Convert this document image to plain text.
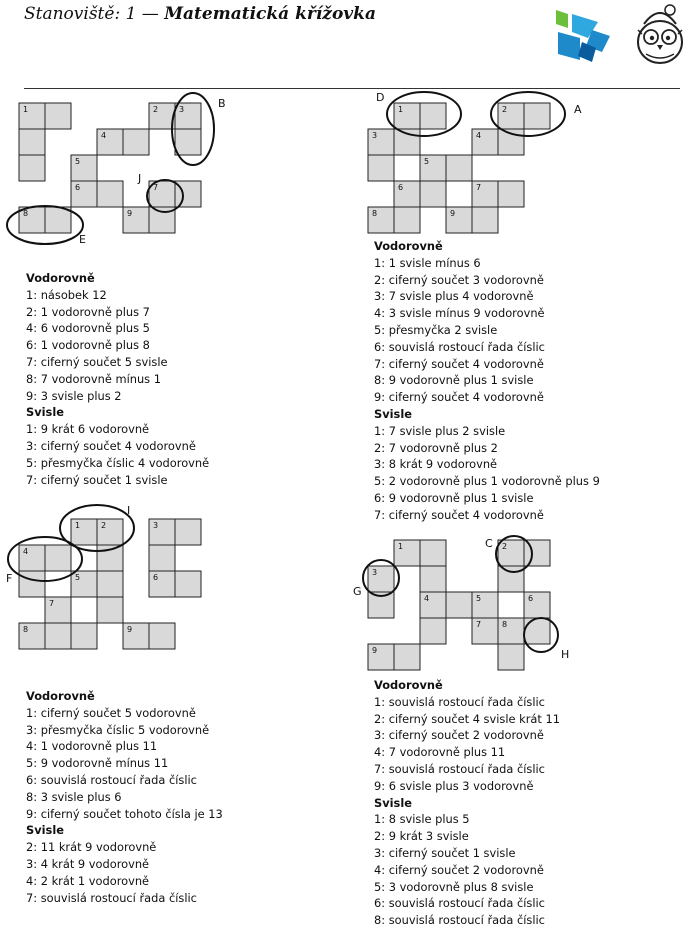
Stanoviště: 1 — Matematická křížovka
1	2	3
4
5
6	7
8	9
B
J
E
1	2
3	4
5
6	7
8	9
D
A
1	2	3
4
5	6
7
8	9
I
F
1	2
3
4	5	6
7	8
9
G
C
H
Vodorovně
1: násobek 12
2: 1 vodorovně plus 7
4: 6 vodorovně plus 5
6: 1 vodorovně plus 8
7: ciferný součet 5 svisle
8: 7 vodorovně mínus 1
9: 3 svisle plus 2
Svisle
1: 9 krát 6 vodorovně
3: ciferný součet 4 vodorovně
5: přesmyčka číslic 4 vodorovně
7: ciferný součet 1 svisle
Vodorovně
1: 1 svisle mínus 6
2: ciferný součet 3 vodorovně
3: 7 svisle plus 4 vodorovně
4: 3 svisle mínus 9 vodorovně
5: přesmyčka 2 svisle
6: souvislá rostoucí řada číslic
7: ciferný součet 4 vodorovně
8: 9 vodorovně plus 1 svisle
9: ciferný součet 4 vodorovně
Svisle
1: 7 svisle plus 2 svisle
2: 7 vodorovně plus 2
3: 8 krát 9 vodorovně
5: 2 vodorovně plus 1 vodorovně plus 9
6: 9 vodorovně plus 1 svisle
7: ciferný součet 4 vodorovně
Vodorovně
1: ciferný součet 5 vodorovně
3: přesmyčka číslic 5 vodorovně
4: 1 vodorovně plus 11
5: 9 vodorovně mínus 11
6: souvislá rostoucí řada číslic
8: 3 svisle plus 6
9: ciferný součet tohoto čísla je 13
Svisle
2: 11 krát 9 vodorovně
3: 4 krát 9 vodorovně
4: 2 krát 1 vodorovně
7: souvislá rostoucí řada číslic
Vodorovně
1: souvislá rostoucí řada číslic
2: ciferný součet 4 svisle krát 11
3: ciferný součet 2 vodorovně
4: 7 vodorovně plus 11
7: souvislá rostoucí řada číslic
9: 6 svisle plus 3 vodorovně
Svisle
1: 8 svisle plus 5
2: 9 krát 3 svisle
3: ciferný součet 1 svisle
4: ciferný součet 2 vodorovně
5: 3 vodorovně plus 8 svisle
6: souvislá rostoucí řada číslic
8: souvislá rostoucí řada číslic
